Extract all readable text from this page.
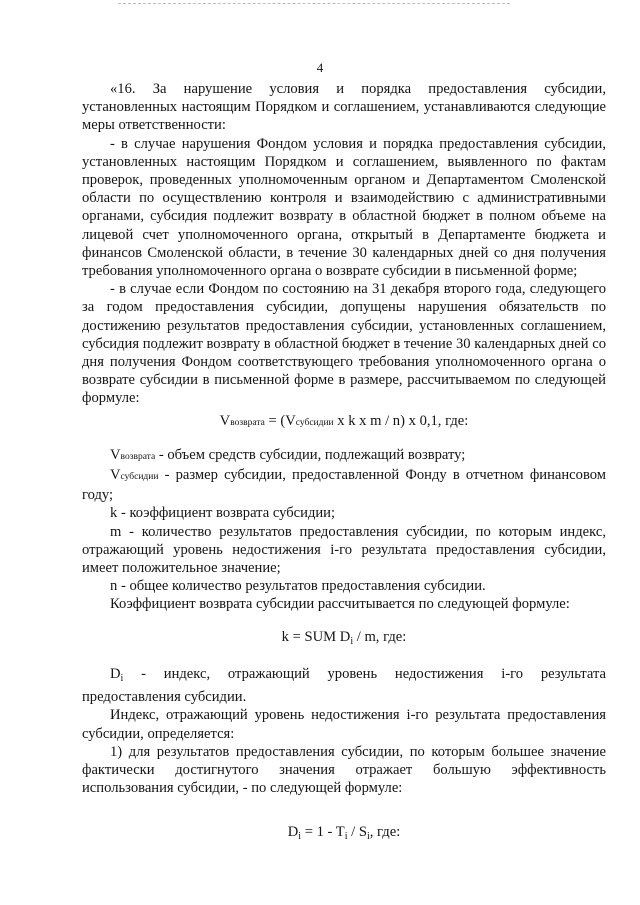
4

«16. За нарушение условия и порядка предоставления субсидии, установленных настоящим Порядком и соглашением, устанавливаются следующие меры ответственности:

- в случае нарушения Фондом условия и порядка предоставления субсидии, установленных настоящим Порядком и соглашением, выявленного по фактам проверок, проведенных уполномоченным органом и Департаментом Смоленской области по осуществлению контроля и взаимодействию с административными органами, субсидия подлежит возврату в областной бюджет в полном объеме на лицевой счет уполномоченного органа, открытый в Департаменте бюджета и финансов Смоленской области, в течение 30 календарных дней со дня получения требования уполномоченного органа о возврате субсидии в письменной форме;

- в случае если Фондом по состоянию на 31 декабря второго года, следующего за годом предоставления субсидии, допущены нарушения обязательств по достижению результатов предоставления субсидии, установленных соглашением, субсидия подлежит возврату в областной бюджет в течение 30 календарных дней со дня получения Фондом соответствующего требования уполномоченного органа о возврате субсидии в письменной форме в размере, рассчитываемом по следующей формуле:

Vвозврата = (Vсубсидии x k x m / n) x 0,1, где:

Vвозврата - объем средств субсидии, подлежащий возврату;

Vсубсидии - размер субсидии, предоставленной Фонду в отчетном финансовом году;

k - коэффициент возврата субсидии;

m - количество результатов предоставления субсидии, по которым индекс, отражающий уровень недостижения i-го результата предоставления субсидии, имеет положительное значение;

n - общее количество результатов предоставления субсидии.

Коэффициент возврата субсидии рассчитывается по следующей формуле:

k = SUM $D_i$ / m, где:

$D_i$ - индекс, отражающий уровень недостижения i-го результата предоставления субсидии.

Индекс, отражающий уровень недостижения i-го результата предоставления субсидии, определяется:

1) для результатов предоставления субсидии, по которым большее значение фактически достигнутого значения отражает большую эффективность использования субсидии, - по следующей формуле:

$D_i = 1 - T_i / S_i$, где:
